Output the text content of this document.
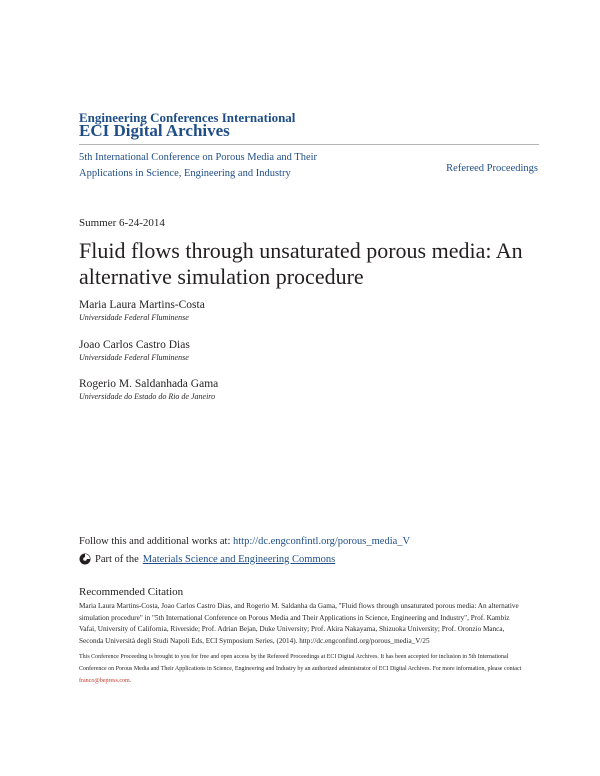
Engineering Conferences International
ECI Digital Archives
5th International Conference on Porous Media and Their Applications in Science, Engineering and Industry	Refereed Proceedings
Summer 6-24-2014
Fluid flows through unsaturated porous media: An alternative simulation procedure
Maria Laura Martins-Costa
Universidade Federal Fluminense
Joao Carlos Castro Dias
Universidade Federal Fluminense
Rogerio M. Saldanhada Gama
Universidade do Estado do Rio de Janeiro
Follow this and additional works at: http://dc.engconfintl.org/porous_media_V
Part of the Materials Science and Engineering Commons
Recommended Citation
Maria Laura Martins-Costa, Joao Carlos Castro Dias, and Rogerio M. Saldanha da Gama, "Fluid flows through unsaturated porous media: An alternative simulation procedure" in "5th International Conference on Porous Media and Their Applications in Science, Engineering and Industry", Prof. Kambiz Vafai, University of California, Riverside; Prof. Adrian Bejan, Duke University; Prof. Akira Nakayama, Shizuoka University; Prof. Oronzio Manca, Seconda Università degli Studi Napoli Eds, ECI Symposium Series, (2014). http://dc.engconfintl.org/porous_media_V/25
This Conference Proceeding is brought to you for free and open access by the Refereed Proceedings at ECI Digital Archives. It has been accepted for inclusion in 5th International Conference on Porous Media and Their Applications in Science, Engineering and Industry by an authorized administrator of ECI Digital Archives. For more information, please contact franco@bepress.com.
